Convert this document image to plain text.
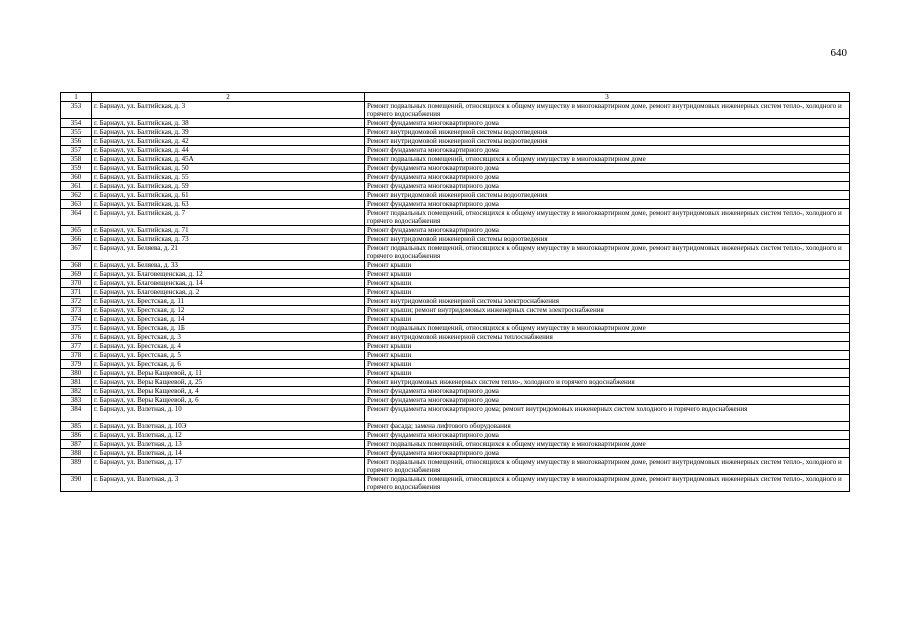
640
1	2	3
353	г. Барнаул, ул. Балтийская, д. 3	Ремонт подвальных помещений, относящихся к общему имуществу в многоквартирном доме, ремонт внутридомовых инженерных систем тепло-, холодного и горячего водоснабжения
354	г. Барнаул, ул. Балтийская, д. 38	Ремонт фундамента многоквартирного дома
355	г. Барнаул, ул. Балтийская, д. 39	Ремонт внутридомовой инженерной системы водоотведения
356	г. Барнаул, ул. Балтийская, д. 42	Ремонт внутридомовой инженерной системы водоотведения
357	г. Барнаул, ул. Балтийская, д. 44	Ремонт фундамента многоквартирного дома
358	г. Барнаул, ул. Балтийская, д. 45А	Ремонт подвальных помещений, относящихся к общему имуществу в многоквартирном доме
359	г. Барнаул, ул. Балтийская, д. 50	Ремонт фундамента многоквартирного дома
360	г. Барнаул, ул. Балтийская, д. 55	Ремонт фундамента многоквартирного дома
361	г. Барнаул, ул. Балтийская, д. 59	Ремонт фундамента многоквартирного дома
362	г. Барнаул, ул. Балтийская, д. 61	Ремонт внутридомовой инженерной системы водоотведения
363	г. Барнаул, ул. Балтийская, д. 63	Ремонт фундамента многоквартирного дома
364	г. Барнаул, ул. Балтийская, д. 7	Ремонт подвальных помещений, относящихся к общему имуществу в многоквартирном доме, ремонт внутридомовых инженерных систем тепло-, холодного и горячего водоснабжения
365	г. Барнаул, ул. Балтийская, д. 71	Ремонт фундамента многоквартирного дома
366	г. Барнаул, ул. Балтийская, д. 73	Ремонт внутридомовой инженерной системы водоотведения
367	г. Барнаул, ул. Беляева, д. 21	Ремонт подвальных помещений, относящихся к общему имуществу в многоквартирном доме, ремонт внутридомовых инженерных систем тепло-, холодного и горячего водоснабжения
368	г. Барнаул, ул. Беляева, д. 33	Ремонт крыши
369	г. Барнаул, ул. Благовещенская, д. 12	Ремонт крыши
370	г. Барнаул, ул. Благовещенская, д. 14	Ремонт крыши
371	г. Барнаул, ул. Благовещенская, д. 2	Ремонт крыши
372	г. Барнаул, ул. Брестская, д. 11	Ремонт внутридомовой инженерной системы электроснабжения
373	г. Барнаул, ул. Брестская, д. 12	Ремонт крыши; ремонт внутридомовых инженерных систем электроснабжения
374	г. Барнаул, ул. Брестская, д. 14	Ремонт крыши
375	г. Барнаул, ул. Брестская, д. 1Б	Ремонт подвальных помещений, относящихся к общему имуществу в многоквартирном доме
376	г. Барнаул, ул. Брестская, д. 3	Ремонт внутридомовой инженерной системы теплоснабжения
377	г. Барнаул, ул. Брестская, д. 4	Ремонт крыши
378	г. Барнаул, ул. Брестская, д. 5	Ремонт крыши
379	г. Барнаул, ул. Брестская, д. 6	Ремонт крыши
380	г. Барнаул, ул. Веры Кащеевой, д. 11	Ремонт крыши
381	г. Барнаул, ул. Веры Кащеевой, д. 25	Ремонт внутридомовых инженерных систем тепло-, холодного и горячего водоснабжения
382	г. Барнаул, ул. Веры Кащеевой, д. 4	Ремонт фундамента многоквартирного дома
383	г. Барнаул, ул. Веры Кащеевой, д. 6	Ремонт фундамента многоквартирного дома
384	г. Барнаул, ул. Взлетная, д. 10	Ремонт фундамента многоквартирного дома; ремонт внутридомовых инженерных систем холодного и горячего водоснабжения
385	г. Барнаул, ул. Взлетная, д. 10Э	Ремонт фасада; замена лифтового оборудования
386	г. Барнаул, ул. Взлетная, д. 12	Ремонт фундамента многоквартирного дома
387	г. Барнаул, ул. Взлетная, д. 13	Ремонт подвальных помещений, относящихся к общему имуществу в многоквартирном доме
388	г. Барнаул, ул. Взлетная, д. 14	Ремонт фундамента многоквартирного дома
389	г. Барнаул, ул. Взлетная, д. 17	Ремонт подвальных помещений, относящихся к общему имуществу в многоквартирном доме, ремонт внутридомовых инженерных систем тепло-, холодного и горячего водоснабжения
390	г. Барнаул, ул. Взлетная, д. 3	Ремонт подвальных помещений, относящихся к общему имуществу в многоквартирном доме, ремонт внутридомовых инженерных систем тепло-, холодного и горячего водоснабжения
